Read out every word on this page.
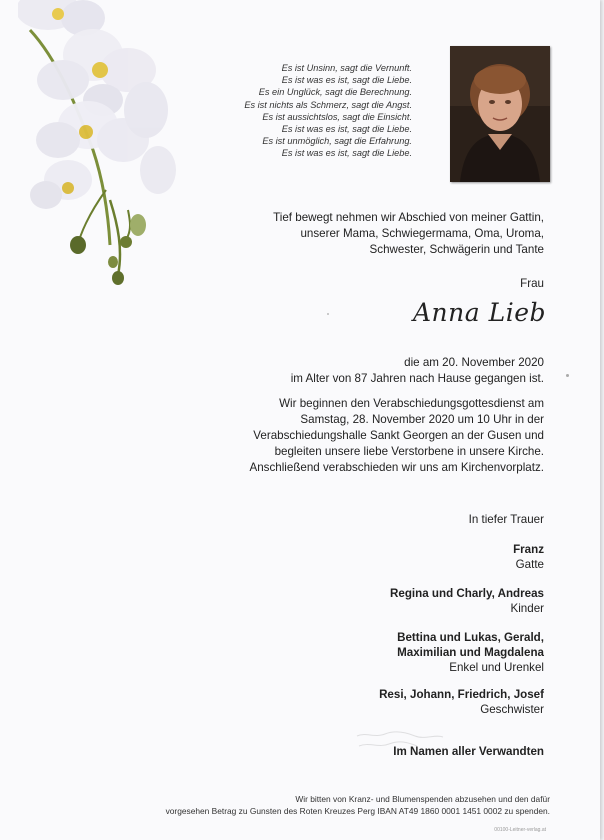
Es ist Unsinn, sagt die Vernunft.
Es ist was es ist, sagt die Liebe.
Es ein Unglück, sagt die Berechnung.
Es ist nichts als Schmerz, sagt die Angst.
Es ist aussichtslos, sagt die Einsicht.
Es ist was es ist, sagt die Liebe.
Es ist unmöglich, sagt die Erfahrung.
Es ist was es ist, sagt die Liebe.
Tief bewegt nehmen wir Abschied von meiner Gattin,
unserer Mama, Schwiegermama, Oma, Uroma,
Schwester, Schwägerin und Tante
Frau
Anna Lieb
die am 20. November 2020
im Alter von 87 Jahren nach Hause gegangen ist.
Wir beginnen den Verabschiedungsgottesdienst am
Samstag, 28. November 2020 um 10 Uhr in der
Verabschiedungshalle Sankt Georgen an der Gusen und
begleiten unsere liebe Verstorbene in unsere Kirche.
Anschließend verabschieden wir uns am Kirchenvorplatz.
In tiefer Trauer
Franz
Gatte
Regina und Charly, Andreas
Kinder
Bettina und Lukas, Gerald,
Maximilian und Magdalena
Enkel und Urenkel
Resi, Johann, Friedrich, Josef
Geschwister
Im Namen aller Verwandten
Wir bitten von Kranz- und Blumenspenden abzusehen und den dafür
vorgesehen Betrag zu Gunsten des Roten Kreuzes Perg IBAN AT49 1860 0001 1451 0002 zu spenden.
00100-Leitner-verlag.at
